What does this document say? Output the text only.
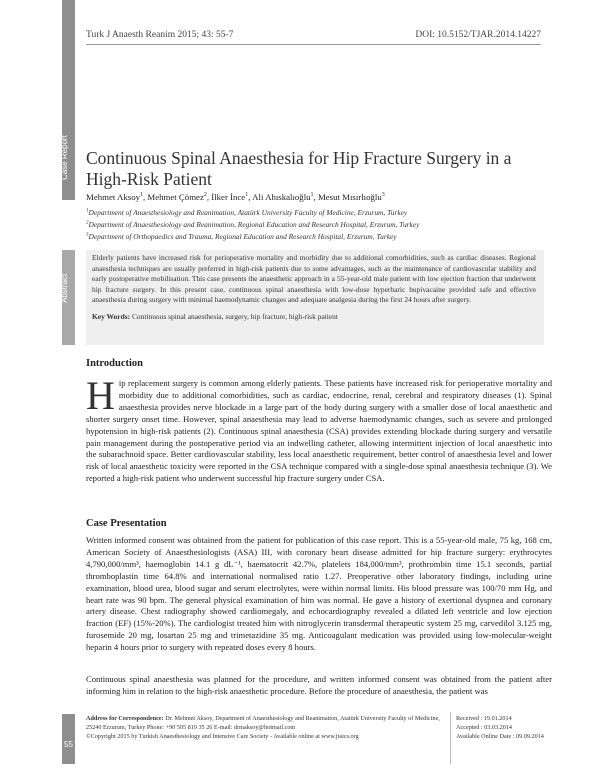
Turk J Anaesth Reanim 2015; 43: 55-7	DOI: 10.5152/TJAR.2014.14227
Case Report Continuous Spinal Anaesthesia for Hip Fracture Surgery in a High-Risk Patient
Mehmet Aksoy$^1$, Mehmet Çömez$^2$, İlker İnce$^1$, Ali Ahıskalıoğlu$^1$, Mesut Mısırlıoğlu$^3$
$^1$Department of Anaesthesiology and Reanimation, Atatürk University Faculty of Medicine, Erzurum, Turkey
$^2$Department of Anaesthesiology and Reanimation, Regional Education and Research Hospital, Erzurum, Turkey
$^3$Department of Orthopaedics and Trauma, Regional Education and Research Hospital, Erzurum, Turkey
Abstract

Elderly patients have increased risk for perioperative mortality and morbidity due to additional comorbidities, such as cardiac diseases. Regional anaesthesia techniques are usually preferred in high-risk patients due to some advantages, such as the maintenance of cardiovascular stability and early postoperative mobilisation. This case presents the anaesthetic approach in a 55-year-old male patient with low ejection fraction that underwent hip fracture surgery. In this present case, continuous spinal anaesthesia with low-dose hyperbaric bupivacaine provided safe and effective anaesthesia during surgery with minimal haemodynamic changes and adequate analgesia during the first 24 hours after surgery.

Key Words: Continuous spinal anaesthesia, surgery, hip fracture, high-risk patient

Introduction

Hip replacement surgery is common among elderly patients. These patients have increased risk for perioperative mortality and morbidity due to additional comorbidities, such as cardiac, endocrine, renal, cerebral and respiratory diseases (1). Spinal anaesthesia provides nerve blockade in a large part of the body during surgery with a smaller dose of local anaesthetic and shorter surgery onset time. However, spinal anaesthesia may lead to adverse haemodynamic changes, such as severe and prolonged hypotension in high-risk patients (2). Continuous spinal anaesthesia (CSA) provides extending blockade during surgery and versatile pain management during the postoperative period via an indwelling catheter, allowing intermittent injection of local anaesthetic into the subarachnoid space. Better cardiovascular stability, less local anaesthetic requirement, better control of anaesthesia level and lower risk of local anaesthetic toxicity were reported in the CSA technique compared with a single-dose spinal anaesthesia technique (3). We reported a high-risk patient who underwent successful hip fracture surgery under CSA.

Case Presentation

Written informed consent was obtained from the patient for publication of this case report. This is a 55-year-old male, 75 kg, 168 cm, American Society of Anaesthesiologists (ASA) III, with coronary heart disease admitted for hip fracture surgery: erythrocytes 4,790,000/mm³, haemoglobin 14.1 g dL⁻¹, haematocrit 42.7%, platelets 184,000/mm³, prothrombin time 15.1 seconds, partial thromboplastin time 64.8% and international normalised ratio 1.27. Preoperative other laboratory findings, including urine examination, blood urea, blood sugar and serum electrolytes, were within normal limits. His blood pressure was 100/70 mm Hg, and heart rate was 90 bpm. The general physical examination of him was normal. He gave a history of exertional dyspnea and coronary artery disease. Chest radiography showed cardiomegaly, and echocardiography revealed a dilated left ventricle and low ejection fraction (EF) (15%-20%). The cardiologist treated him with nitroglycerin transdermal therapeutic system 25 mg, carvedilol 3.125 mg, furosemide 20 mg, losartan 25 mg and trimetazidine 35 mg. Anticoagulant medication was provided using low-molecular-weight heparin 4 hours prior to surgery with repeated doses every 8 hours.

Continuous spinal anaesthesia was planned for the procedure, and written informed consent was obtained from the patient after informing him in relation to the high-risk anaesthetic procedure. Before the procedure of anaesthesia, the patient was

55
Address for Correspondence: Dr. Mehmet Aksoy, Department of Anaesthesiology and Reanimation, Atatürk University Faculty of Medicine, 25240 Erzurum, Turkey Phone: +90 505 819 35 26 E-mail: drmaksoy@hotmail.com
©Copyright 2015 by Turkish Anaesthesiology and Intensive Care Society - Available online at www.jtaics.org
Received : 19.01.2014
Accepted : 03.03.2014
Available Online Date : 09.09.2014
